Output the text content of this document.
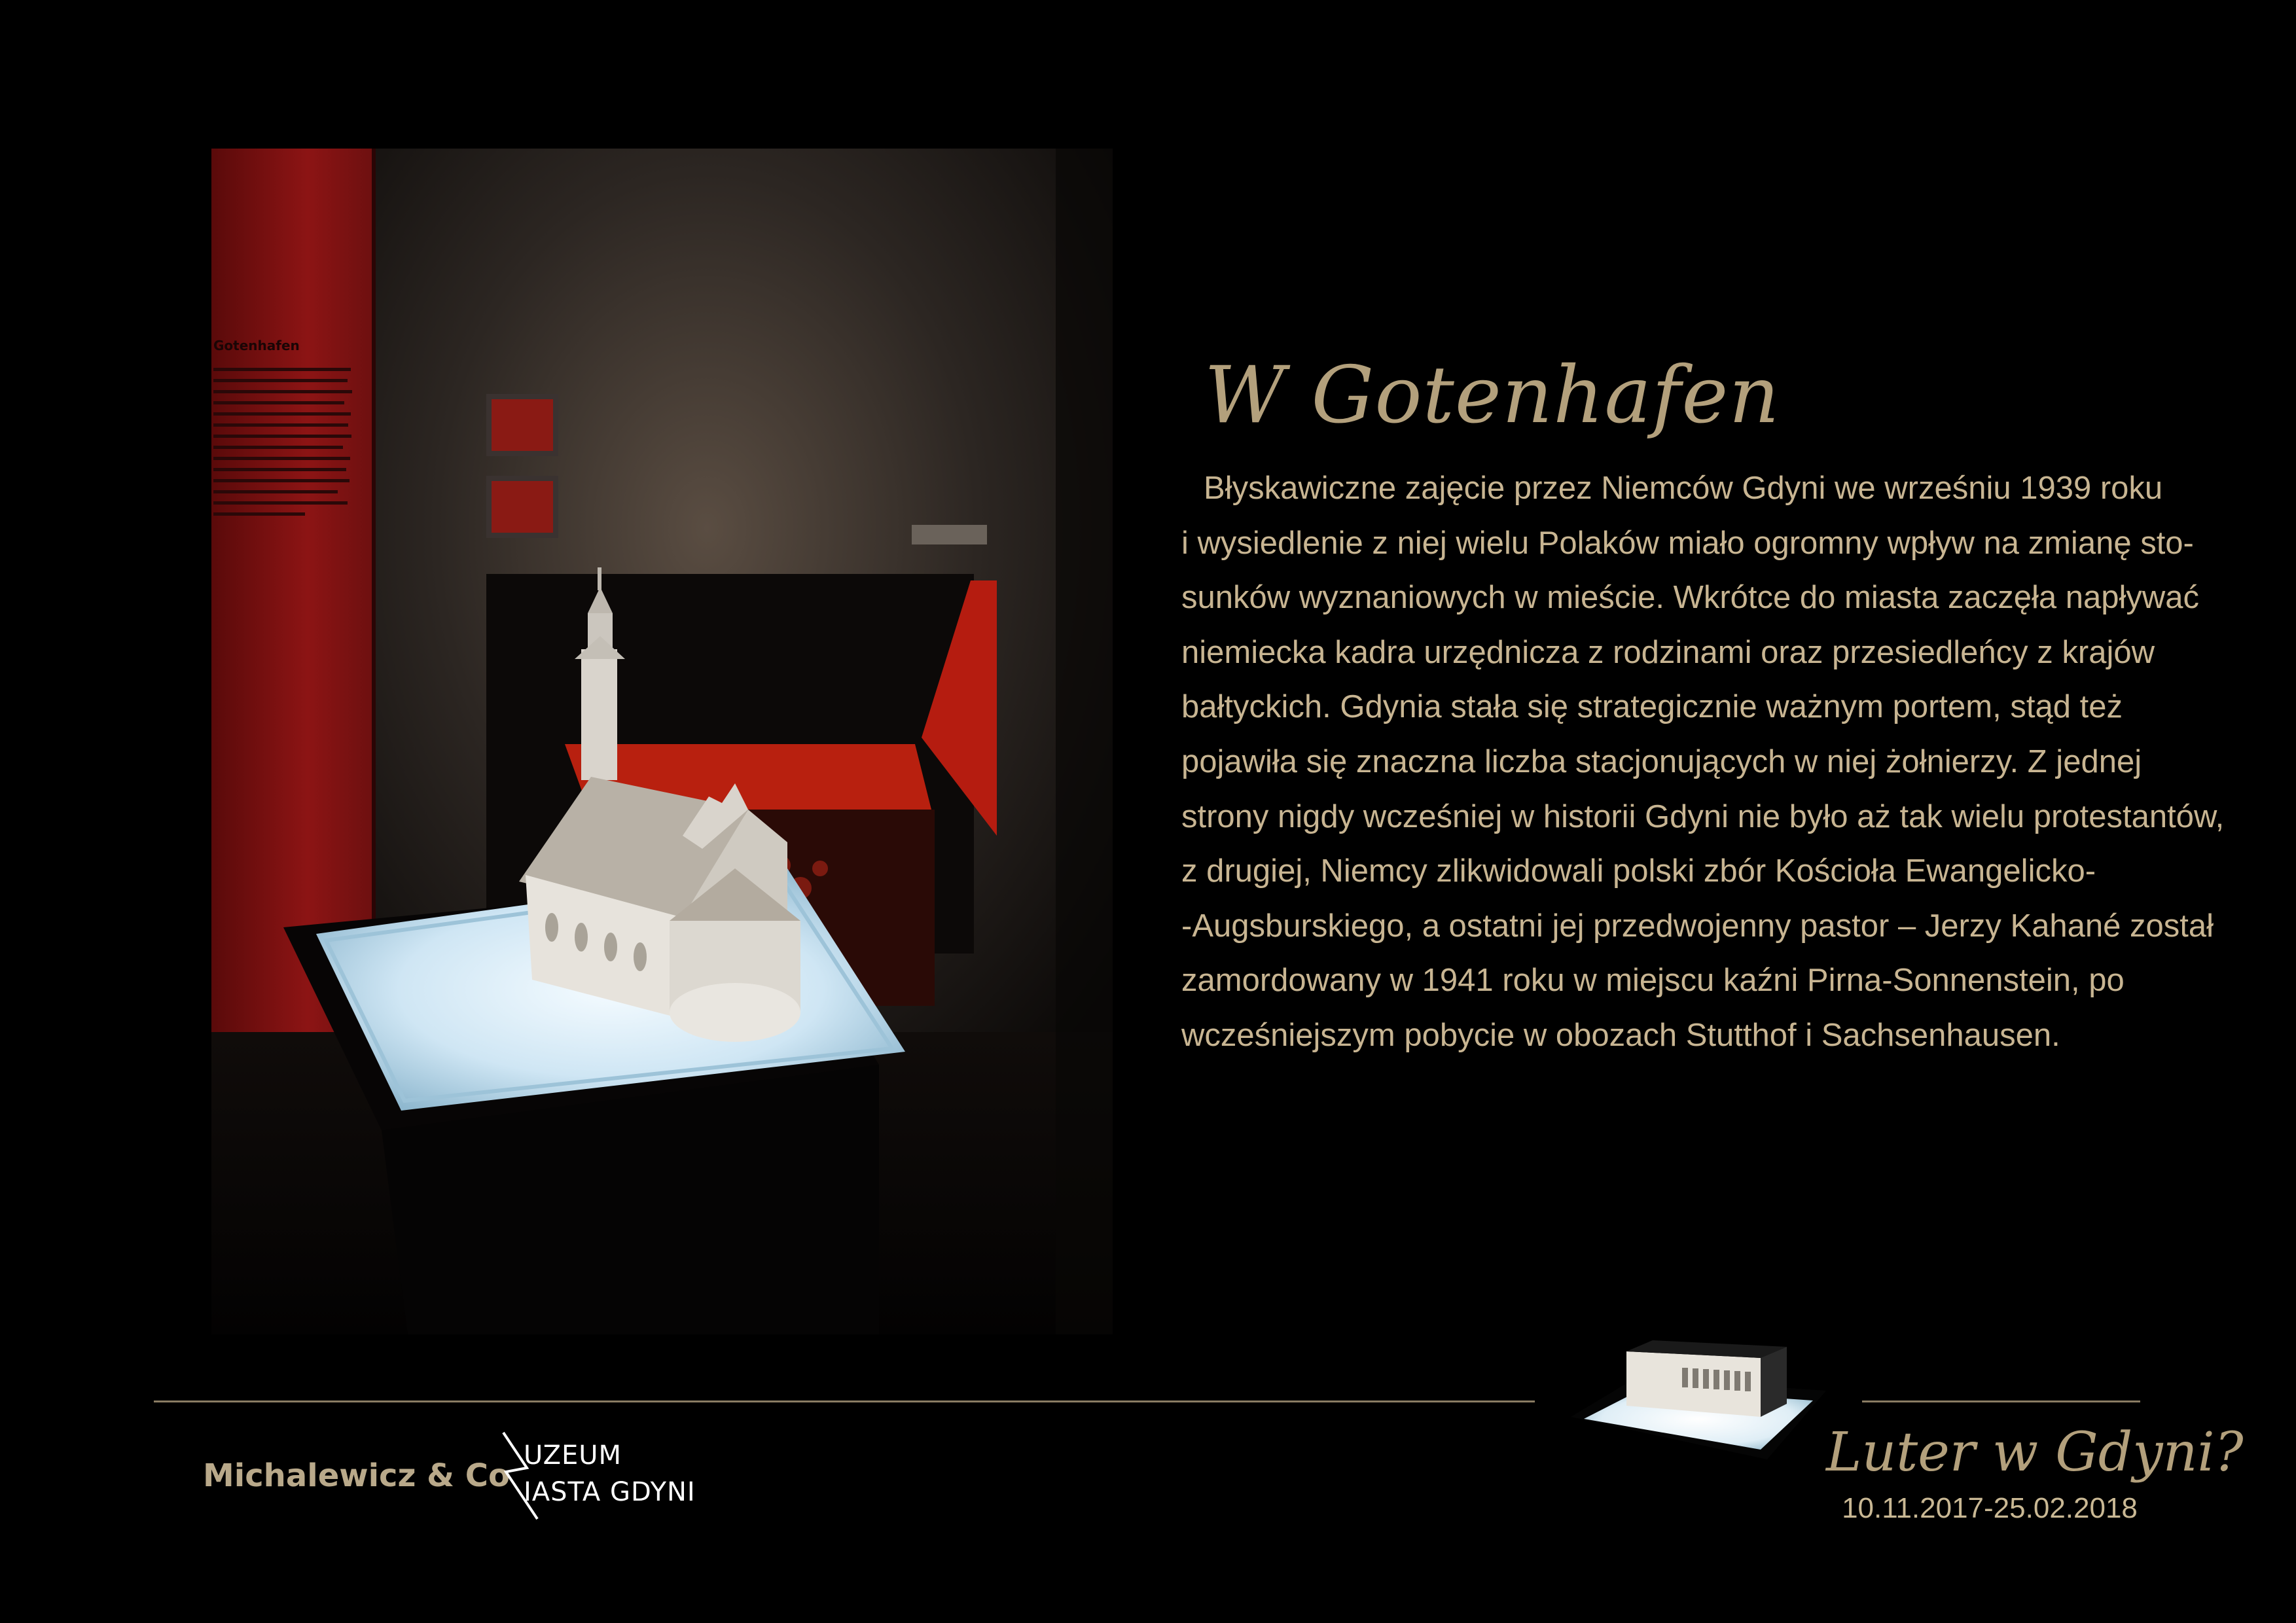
Gotenhafen
W Gotenhafen
Błyskawiczne zajęcie przez Niemców Gdyni we wrześniu 1939 roku
i wysiedlenie z niej wielu Polaków miało ogromny wpływ na zmianę sto-
sunków wyznaniowych w mieście. Wkrótce do miasta zaczęła napływać
niemiecka kadra urzędnicza z rodzinami oraz przesiedleńcy z krajów
bałtyckich. Gdynia stała się strategicznie ważnym portem, stąd też
pojawiła się znaczna liczba stacjonujących w niej żołnierzy. Z jednej
strony nigdy wcześniej w historii Gdyni nie było aż tak wielu protestantów,
z drugiej, Niemcy zlikwidowali polski zbór Kościoła Ewangelicko-
-Augsburskiego, a ostatni jej przedwojenny pastor – Jerzy Kahané został
zamordowany w 1941 roku w miejscu kaźni Pirna-Sonnenstein, po
wcześniejszym pobycie w obozach Stutthof i Sachsenhausen.
Michalewicz & Co
UZEUM
IASTA GDYNI
Luter w Gdyni?
10.11.2017-25.02.2018
